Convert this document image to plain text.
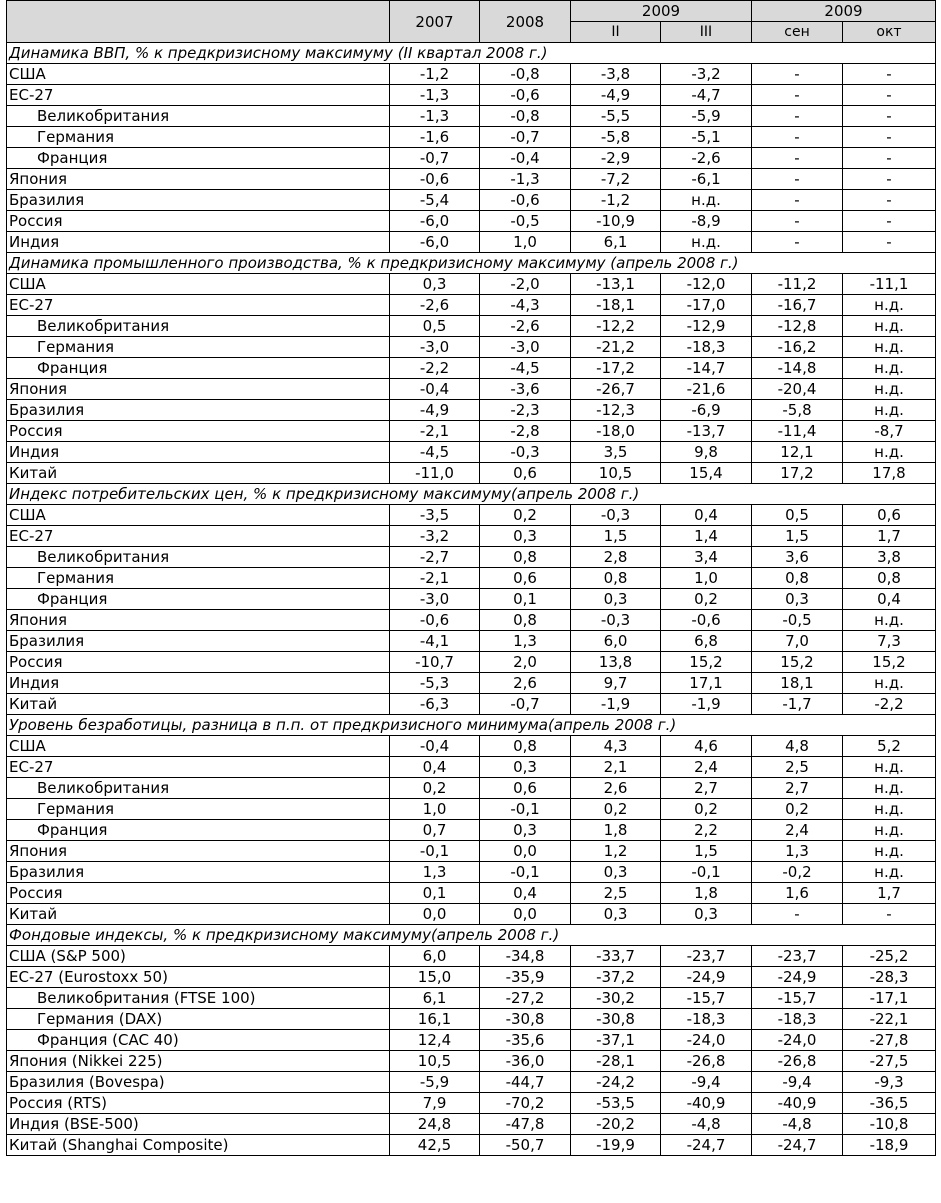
	2007	2008	2009		2009	
			II	III	сен	окт
Динамика ВВП, % к предкризисному максимуму (II квартал 2008 г.)						
США	-1,2	-0,8	-3,8	-3,2	-	-
ЕС-27	-1,3	-0,6	-4,9	-4,7	-	-
Великобритания	-1,3	-0,8	-5,5	-5,9	-	-
Германия	-1,6	-0,7	-5,8	-5,1	-	-
Франция	-0,7	-0,4	-2,9	-2,6	-	-
Япония	-0,6	-1,3	-7,2	-6,1	-	-
Бразилия	-5,4	-0,6	-1,2	н.д.	-	-
Россия	-6,0	-0,5	-10,9	-8,9	-	-
Индия	-6,0	1,0	6,1	н.д.	-	-
Динамика промышленного производства, % к предкризисному максимуму (апрель 2008 г.)						
США	0,3	-2,0	-13,1	-12,0	-11,2	-11,1
ЕС-27	-2,6	-4,3	-18,1	-17,0	-16,7	н.д.
Великобритания	0,5	-2,6	-12,2	-12,9	-12,8	н.д.
Германия	-3,0	-3,0	-21,2	-18,3	-16,2	н.д.
Франция	-2,2	-4,5	-17,2	-14,7	-14,8	н.д.
Япония	-0,4	-3,6	-26,7	-21,6	-20,4	н.д.
Бразилия	-4,9	-2,3	-12,3	-6,9	-5,8	н.д.
Россия	-2,1	-2,8	-18,0	-13,7	-11,4	-8,7
Индия	-4,5	-0,3	3,5	9,8	12,1	н.д.
Китай	-11,0	0,6	10,5	15,4	17,2	17,8
Индекс потребительских цен, % к предкризисному максимуму(апрель 2008 г.)						
США	-3,5	0,2	-0,3	0,4	0,5	0,6
ЕС-27	-3,2	0,3	1,5	1,4	1,5	1,7
Великобритания	-2,7	0,8	2,8	3,4	3,6	3,8
Германия	-2,1	0,6	0,8	1,0	0,8	0,8
Франция	-3,0	0,1	0,3	0,2	0,3	0,4
Япония	-0,6	0,8	-0,3	-0,6	-0,5	н.д.
Бразилия	-4,1	1,3	6,0	6,8	7,0	7,3
Россия	-10,7	2,0	13,8	15,2	15,2	15,2
Индия	-5,3	2,6	9,7	17,1	18,1	н.д.
Китай	-6,3	-0,7	-1,9	-1,9	-1,7	-2,2
Уровень безработицы, разница в п.п. от предкризисного минимума(апрель 2008 г.)						
США	-0,4	0,8	4,3	4,6	4,8	5,2
ЕС-27	0,4	0,3	2,1	2,4	2,5	н.д.
Великобритания	0,2	0,6	2,6	2,7	2,7	н.д.
Германия	1,0	-0,1	0,2	0,2	0,2	н.д.
Франция	0,7	0,3	1,8	2,2	2,4	н.д.
Япония	-0,1	0,0	1,2	1,5	1,3	н.д.
Бразилия	1,3	-0,1	0,3	-0,1	-0,2	н.д.
Россия	0,1	0,4	2,5	1,8	1,6	1,7
Китай	0,0	0,0	0,3	0,3	-	-
Фондовые индексы, % к предкризисному максимуму(апрель 2008 г.)						
США (S&P 500)	6,0	-34,8	-33,7	-23,7	-23,7	-25,2
ЕС-27 (Eurostoxx 50)	15,0	-35,9	-37,2	-24,9	-24,9	-28,3
Великобритания (FTSE 100)	6,1	-27,2	-30,2	-15,7	-15,7	-17,1
Германия (DAX)	16,1	-30,8	-30,8	-18,3	-18,3	-22,1
Франция (CAC 40)	12,4	-35,6	-37,1	-24,0	-24,0	-27,8
Япония (Nikkei 225)	10,5	-36,0	-28,1	-26,8	-26,8	-27,5
Бразилия (Bovespa)	-5,9	-44,7	-24,2	-9,4	-9,4	-9,3
Россия (RTS)	7,9	-70,2	-53,5	-40,9	-40,9	-36,5
Индия (BSE-500)	24,8	-47,8	-20,2	-4,8	-4,8	-10,8
Китай (Shanghai Composite)	42,5	-50,7	-19,9	-24,7	-24,7	-18,9
